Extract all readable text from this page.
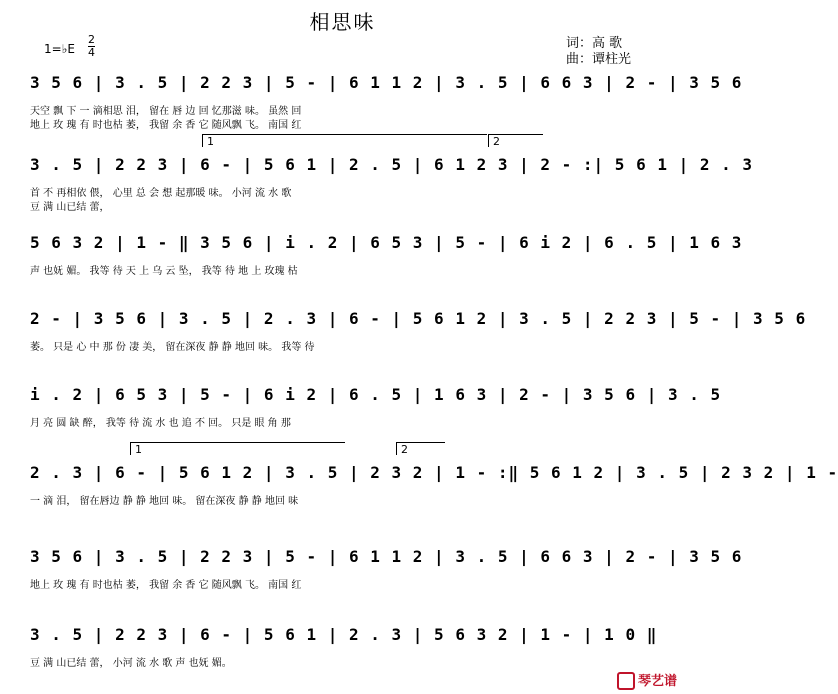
相思味
1=♭E $\frac{2}{4}$	词：高 歌
曲：谭柱光
3 5 6 | 3 . 5 | 2 2 3 | 5 - | 6 1 1 2 | 3 . 5 | 6 6 3 | 2 - | 3 5 6
天空 飘 下 一 滴相思 泪， 留在 唇 边 回 忆那滋 味。 虽然 回
地上 玫 瑰 有 时也枯 萎， 我留 余 香 它 随风飘 飞。 南国 红
3 . 5 | 2 2 3 | 6 - | 5 6 1 | 2 . 5 | 6 1 2 3 | 2 - :| 5 6 1 | 2 . 3
首 不 再相依 偎， 心里 总 会 想 起那暖 味。 小河 流 水 歌
豆 满 山已结 蕾，
1	2
5 6 3 2 | 1 - ‖ 3 5 6 | i . 2 | 6 5 3 | 5 - | 6 i 2 | 6 . 5 | 1 6 3
声 也妩 媚。 我等 待 天 上 乌 云 坠， 我等 待 地 上 玫瑰 枯
2 - | 3 5 6 | 3 . 5 | 2 . 3 | 6 - | 5 6 1 2 | 3 . 5 | 2 2 3 | 5 - | 3 5 6
萎。 只是 心 中 那 份 凄 美， 留在深夜 静 静 地回 味。 我等 待
i . 2 | 6 5 3 | 5 - | 6 i 2 | 6 . 5 | 1 6 3 | 2 - | 3 5 6 | 3 . 5
月 亮 圆 缺 醉， 我等 待 流 水 也 追 不 回。 只是 眼 角 那
2 . 3 | 6 - | 5 6 1 2 | 3 . 5 | 2 3 2 | 1 - :‖ 5 6 1 2 | 3 . 5 | 2 3 2 | 1 -
一 滴 泪， 留在唇边 静 静 地回 味。 留在深夜 静 静 地回 味
1	2
3 5 6 | 3 . 5 | 2 2 3 | 5 - | 6 1 1 2 | 3 . 5 | 6 6 3 | 2 - | 3 5 6
地上 玫 瑰 有 时也枯 萎， 我留 余 香 它 随风飘 飞。 南国 红
3 . 5 | 2 2 3 | 6 - | 5 6 1 | 2 . 3 | 5 6 3 2 | 1 - | 1 0 ‖
豆 满 山已结 蕾， 小河 流 水 歌 声 也妩 媚。
琴艺谱
